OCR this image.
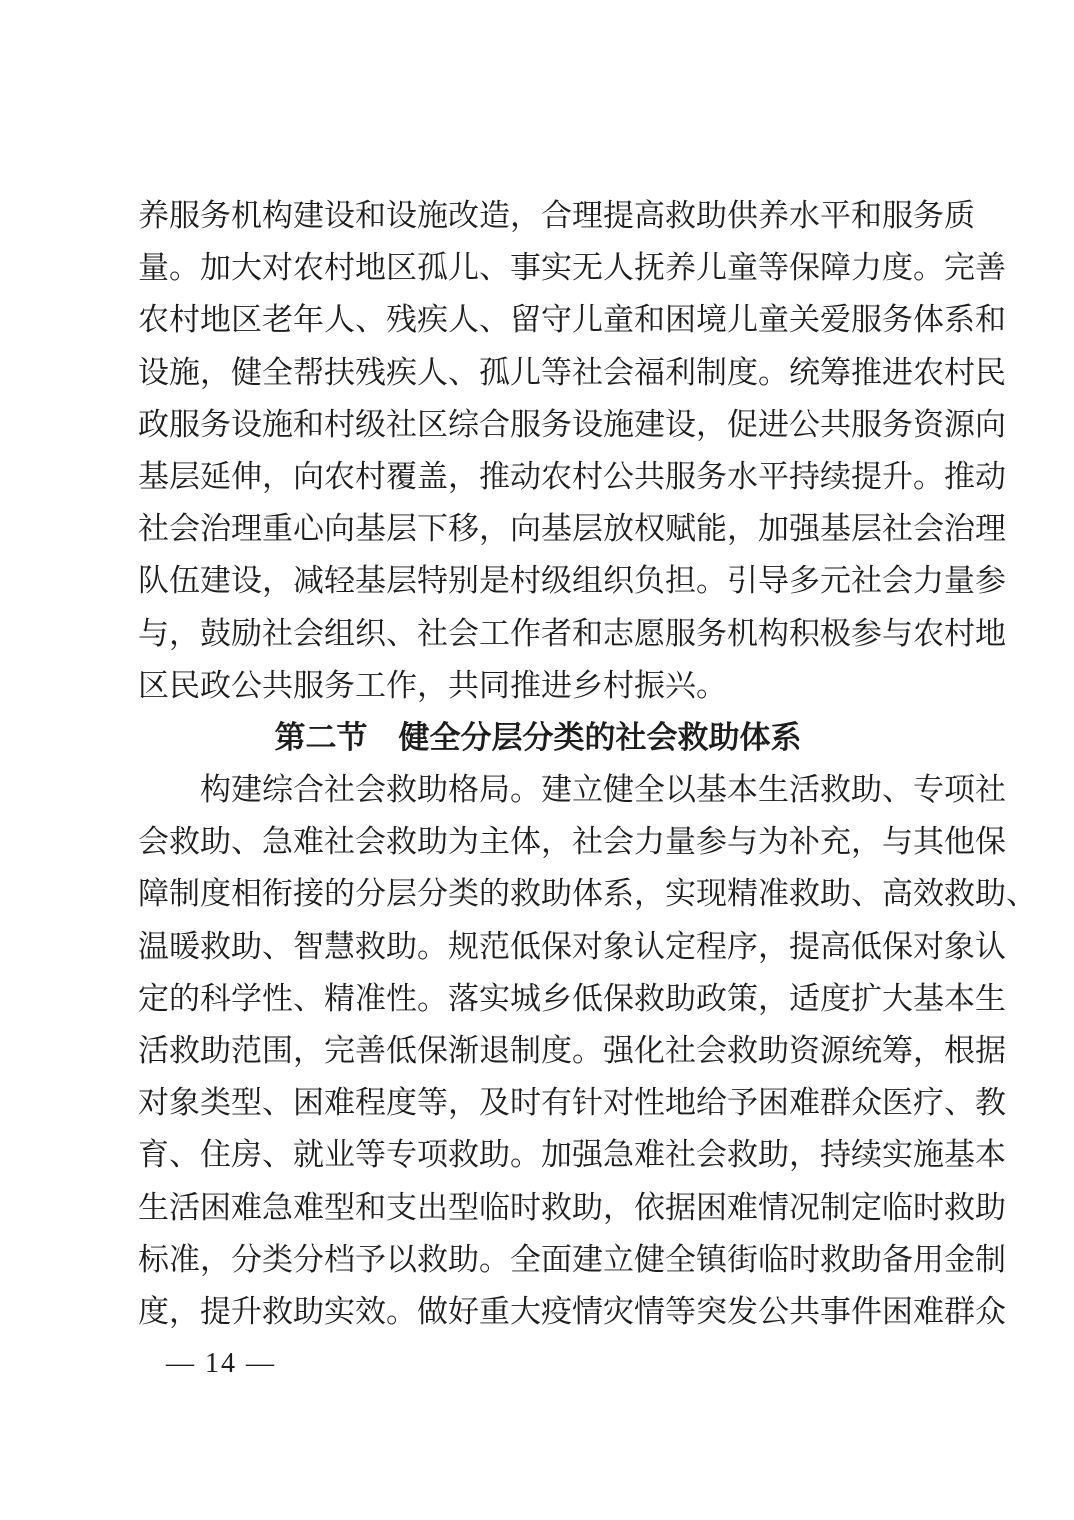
养服务机构建设和设施改造，合理提高救助供养水平和服务质
量。加大对农村地区孤儿、事实无人抚养儿童等保障力度。完善
农村地区老年人、残疾人、留守儿童和困境儿童关爱服务体系和
设施，健全帮扶残疾人、孤儿等社会福利制度。统筹推进农村民
政服务设施和村级社区综合服务设施建设，促进公共服务资源向
基层延伸，向农村覆盖，推动农村公共服务水平持续提升。推动
社会治理重心向基层下移，向基层放权赋能，加强基层社会治理
队伍建设，减轻基层特别是村级组织负担。引导多元社会力量参
与，鼓励社会组织、社会工作者和志愿服务机构积极参与农村地
区民政公共服务工作，共同推进乡村振兴。
第二节　健全分层分类的社会救助体系
构建综合社会救助格局。建立健全以基本生活救助、专项社
会救助、急难社会救助为主体，社会力量参与为补充，与其他保
障制度相衔接的分层分类的救助体系，实现精准救助、高效救助、
温暖救助、智慧救助。规范低保对象认定程序，提高低保对象认
定的科学性、精准性。落实城乡低保救助政策，适度扩大基本生
活救助范围，完善低保渐退制度。强化社会救助资源统筹，根据
对象类型、困难程度等，及时有针对性地给予困难群众医疗、教
育、住房、就业等专项救助。加强急难社会救助，持续实施基本
生活困难急难型和支出型临时救助，依据困难情况制定临时救助
标准，分类分档予以救助。全面建立健全镇街临时救助备用金制
度，提升救助实效。做好重大疫情灾情等突发公共事件困难群众
— 14 —
